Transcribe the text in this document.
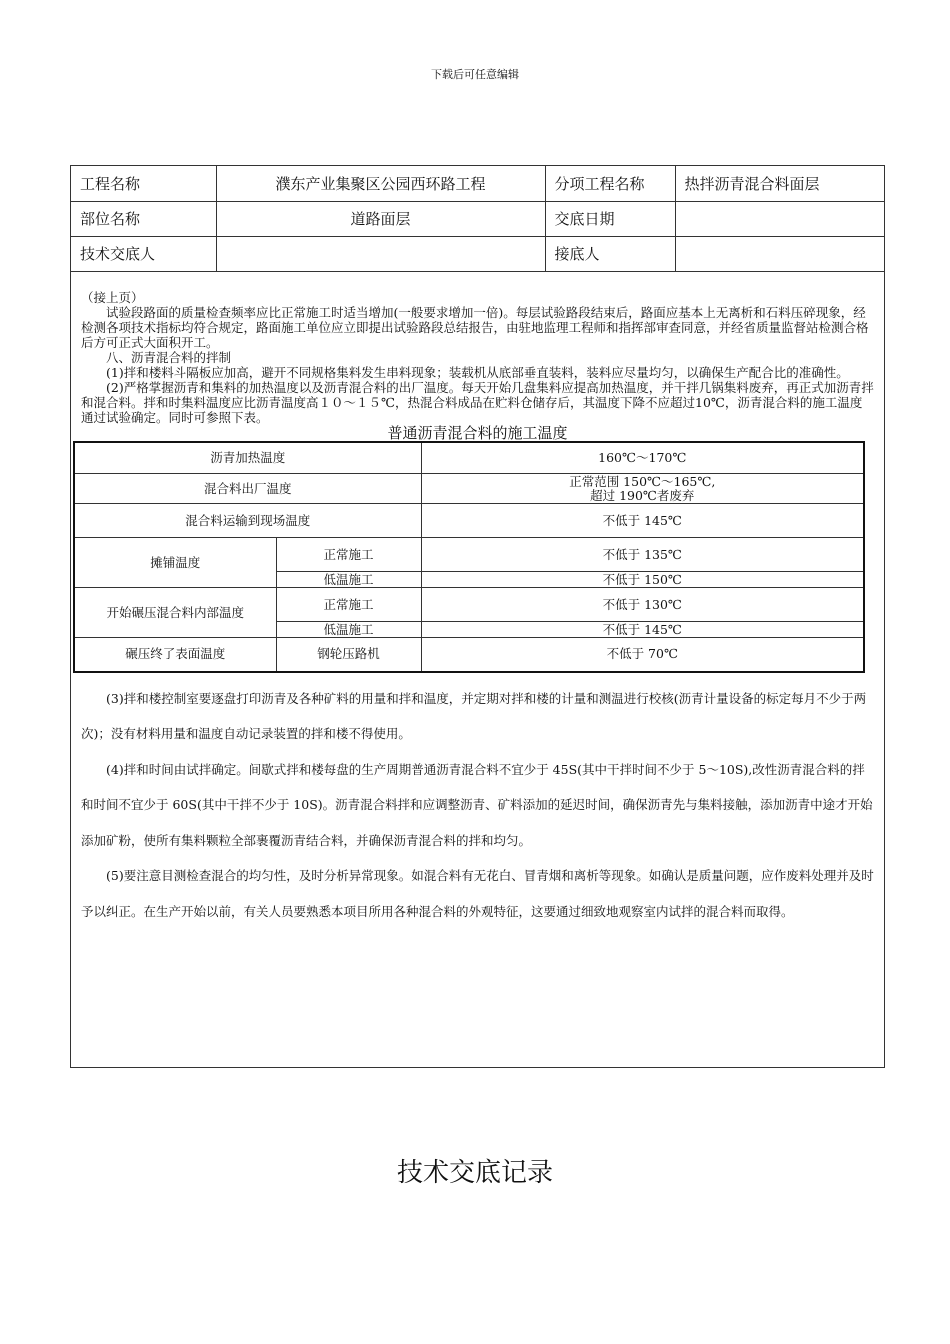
下载后可任意编辑
工程名称	濮东产业集聚区公园西环路工程	分项工程名称	热拌沥青混合料面层
部位名称	道路面层	交底日期	
技术交底人		接底人	

（接上页）

试验段路面的质量检查频率应比正常施工时适当增加(一般要求增加一倍)。每层试验路段结束后，路面应基本上无离析和石料压碎现象，经检测各项技术指标均符合规定，路面施工单位应立即提出试验路段总结报告，由驻地监理工程师和指挥部审查同意，并经省质量监督站检测合格后方可正式大面积开工。

八、沥青混合料的拌制

(1)拌和楼料斗隔板应加高，避开不同规格集料发生串料现象；装载机从底部垂直装料，装料应尽量均匀，以确保生产配合比的准确性。

(2)严格掌握沥青和集料的加热温度以及沥青混合料的出厂温度。每天开始几盘集料应提高加热温度，并干拌几锅集料废弃，再正式加沥青拌和混合料。拌和时集料温度应比沥青温度高１０～１５℃，热混合料成品在贮料仓储存后，其温度下降不应超过10℃，沥青混合料的施工温度通过试验确定。同时可参照下表。

普通沥青混合料的施工温度
沥青加热温度		160℃～170℃
混合料出厂温度		正常范围 150℃～165℃,
超过 190℃者废弃

混合料运输到现场温度		不低于 145℃
摊铺温度	正常施工	不低于 135℃
	低温施工	不低于 150℃
开始碾压混合料内部温度	正常施工	不低于 130℃
	低温施工	不低于 145℃
碾压终了表面温度	钢轮压路机	不低于 70℃

(3)拌和楼控制室要逐盘打印沥青及各种矿料的用量和拌和温度，并定期对拌和楼的计量和测温进行校核(沥青计量设备的标定每月不少于两次)；没有材料用量和温度自动记录装置的拌和楼不得使用。

(4)拌和时间由试拌确定。间歇式拌和楼每盘的生产周期普通沥青混合料不宜少于 45S(其中干拌时间不少于 5～10S),改性沥青混合料的拌和时间不宜少于 60S(其中干拌不少于 10S)。沥青混合料拌和应调整沥青、矿料添加的延迟时间，确保沥青先与集料接触，添加沥青中途才开始添加矿粉，使所有集料颗粒全部裹覆沥青结合料，并确保沥青混合料的拌和均匀。

(5)要注意目测检查混合的均匀性，及时分析异常现象。如混合料有无花白、冒青烟和离析等现象。如确认是质量问题，应作废料处理并及时予以纠正。在生产开始以前，有关人员要熟悉本项目所用各种混合料的外观特征，这要通过细致地观察室内试拌的混合料而取得。

技术交底记录
